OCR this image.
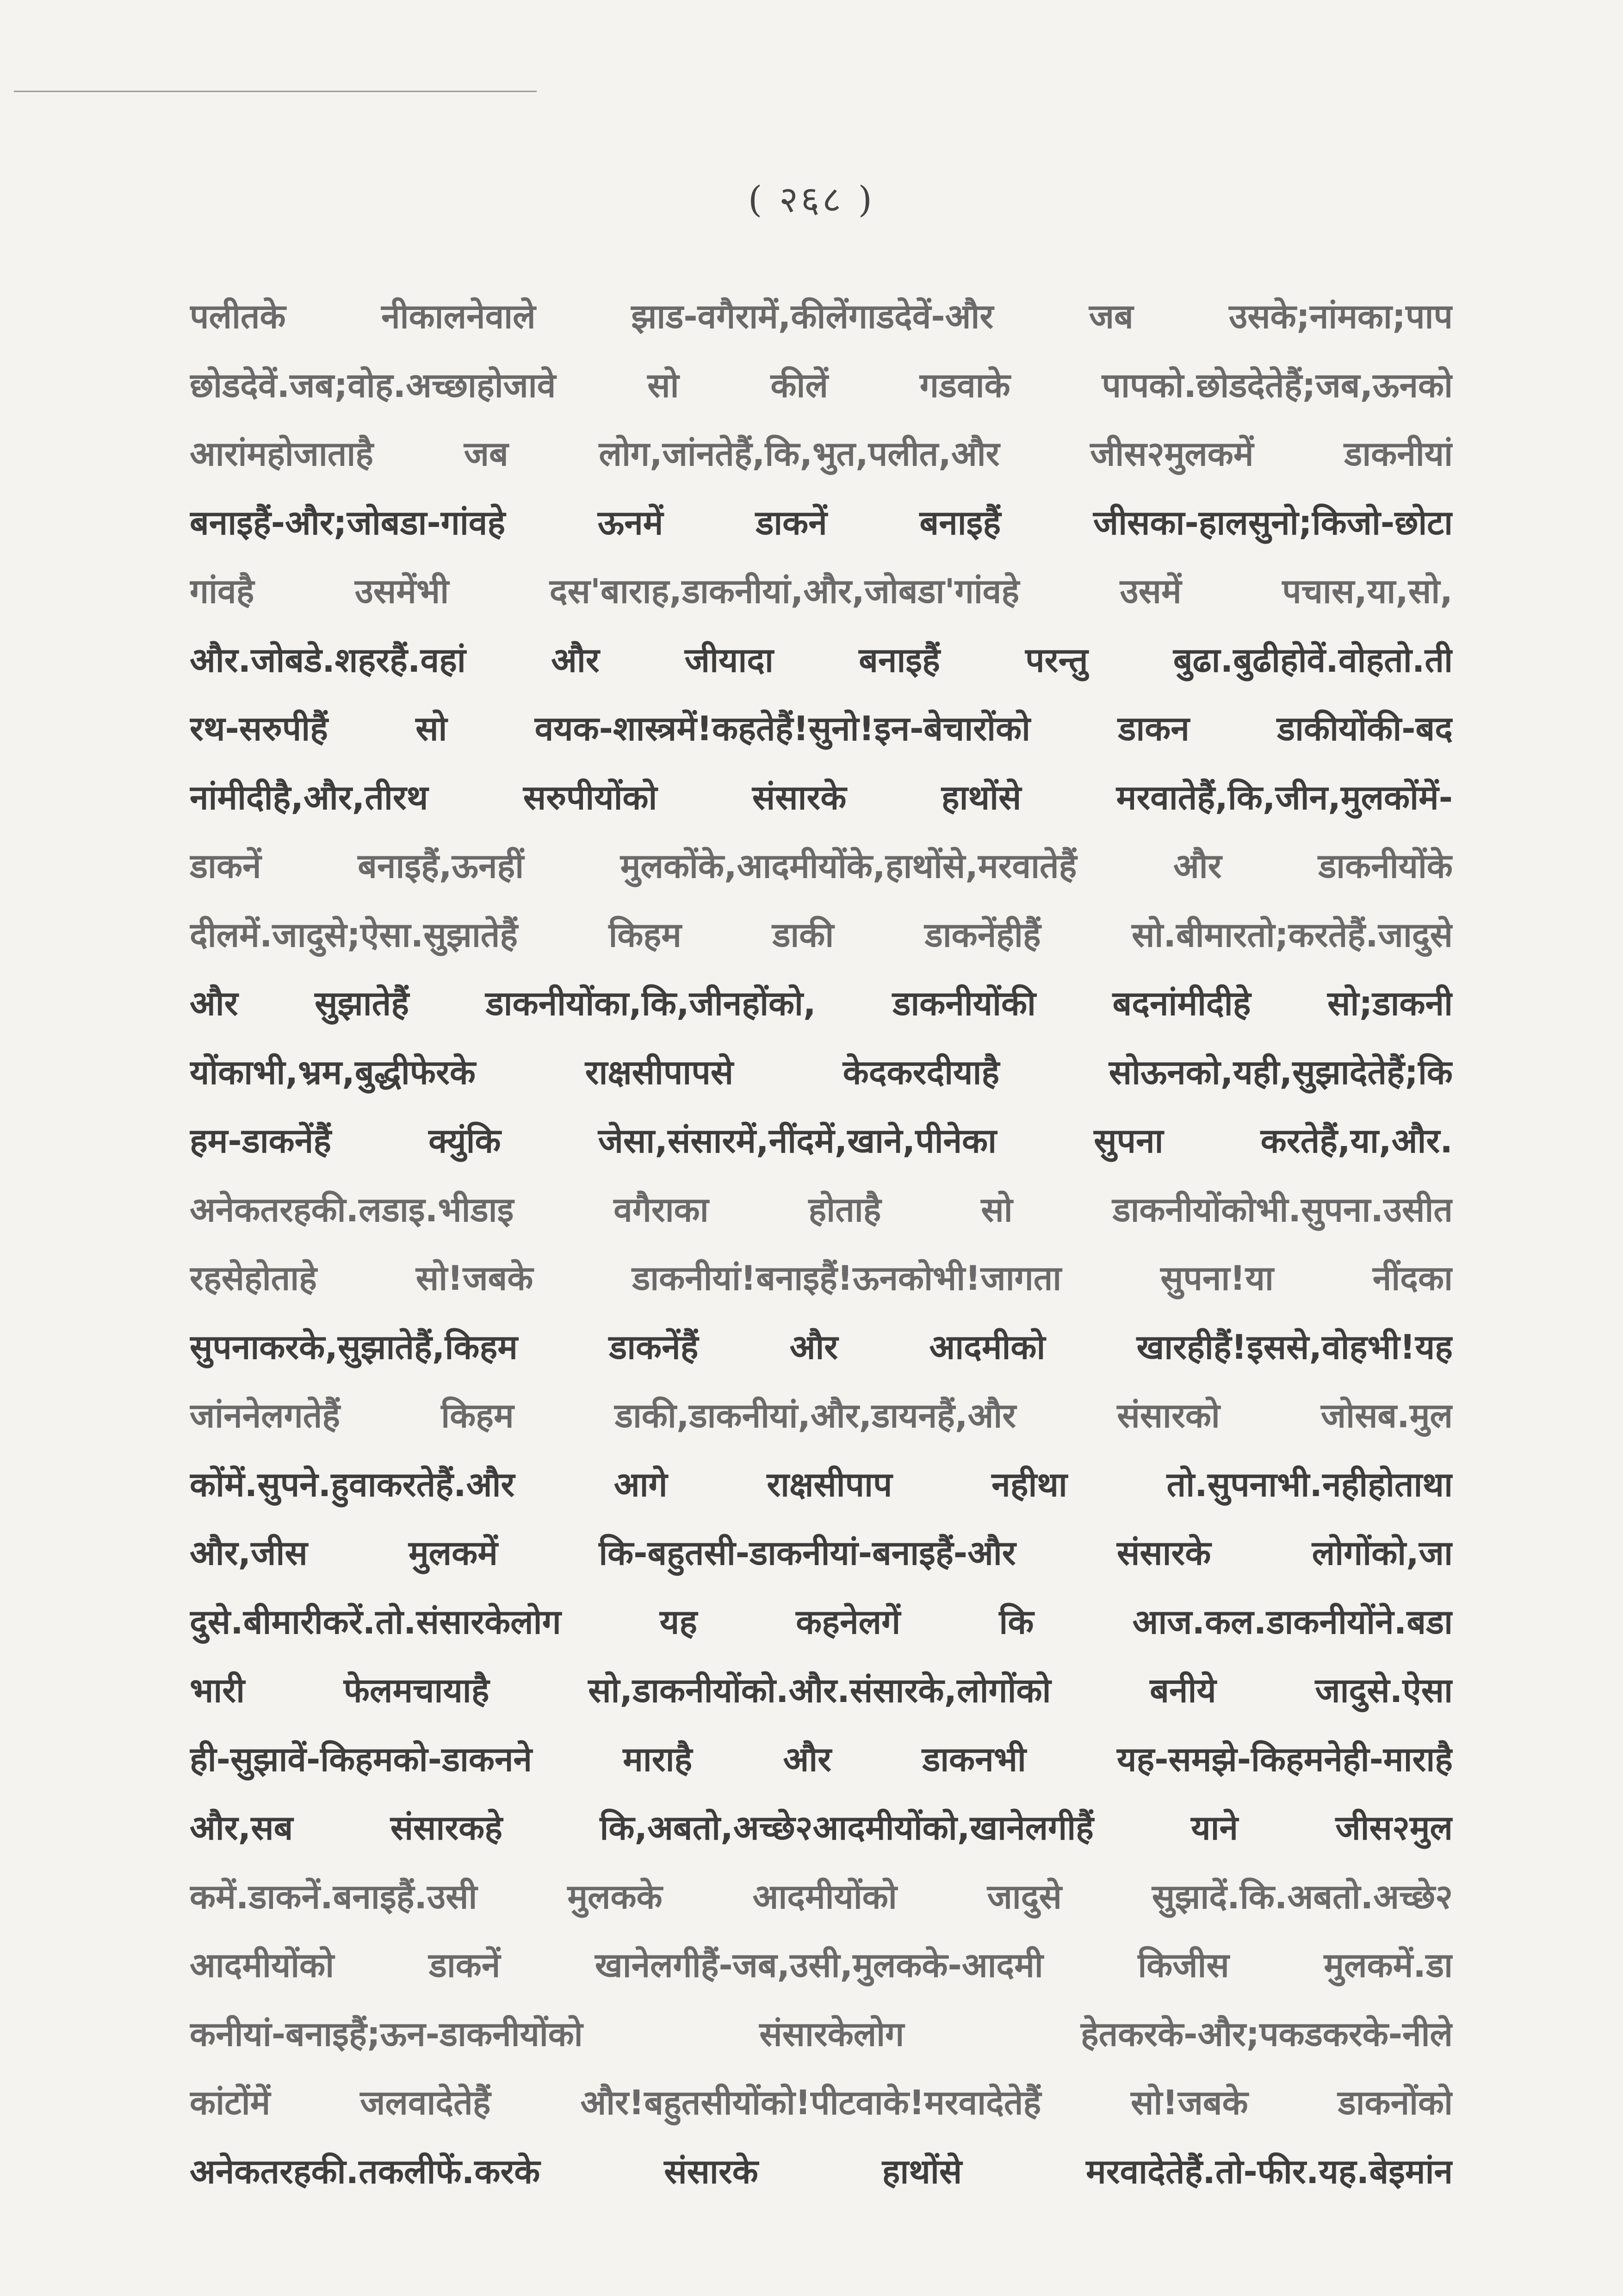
( २६८ )
पलीतके नीकालनेवाले झाड-वगैरामें,कीलेंगाडदेवें-और जब उसके;नांमका;पाप
छोडदेवें.जब;वोह.अच्छाहोजावे सो कीलें गडवाके पापको.छोडदेतेहैं;जब,ऊनको
आरांमहोजाताहै जब लोग,जांनतेहैं,कि,भुत,पलीत,और जीस२मुलकमें डाकनीयां
बनाइहैं-और;जोबडा-गांवहे ऊनमें डाकनें बनाइहैं जीसका-हालसुनो;किजो-छोटा
गांवहै उसमेंभी दस'बाराह,डाकनीयां,और,जोबडा'गांवहे उसमें पचास,या,सो,
और.जोबडे.शहरहैं.वहां और जीयादा बनाइहैं परन्तु बुढा.बुढीहोवें.वोहतो.ती
रथ-सरुपीहैं सो वयक-शास्त्रमें!कहतेहैं!सुनो!इन-बेचारोंको डाकन डाकीयोंकी-बद
नांमीदीहै,और,तीरथ सरुपीयोंको संसारके हाथोंसे मरवातेहैं,कि,जीन,मुलकोंमें-
डाकनें बनाइहैं,ऊनहीं मुलकोंके,आदमीयोंके,हाथोंसे,मरवातेहैं और डाकनीयोंके
दीलमें.जादुसे;ऐसा.सुझातेहैं किहम डाकी डाकनेंहीहैं सो.बीमारतो;करतेहैं.जादुसे
और सुझातेहैं डाकनीयोंका,कि,जीनहोंको, डाकनीयोंकी बदनांमीदीहे सो;डाकनी
योंकाभी,भ्रम,बुद्धीफेरके राक्षसीपापसे केदकरदीयाहै सोऊनको,यही,सुझादेतेहैं;कि
हम-डाकनेंहैं क्युंकि जेसा,संसारमें,नींदमें,खाने,पीनेका सुपना करतेहैं,या,और.
अनेकतरहकी.लडाइ.भीडाइ वगैराका होताहै सो डाकनीयोंकोभी.सुपना.उसीत
रहसेहोताहे सो!जबके डाकनीयां!बनाइहैं!ऊनकोभी!जागता सुपना!या नींदका
सुपनाकरके,सुझातेहैं,किहम डाकनेंहैं और आदमीको खारहीहैं!इससे,वोहभी!यह
जांननेलगतेहैं किहम डाकी,डाकनीयां,और,डायनहैं,और संसारको जोसब.मुल
कोंमें.सुपने.हुवाकरतेहैं.और आगे राक्षसीपाप नहीथा तो.सुपनाभी.नहीहोताथा
और,जीस मुलकमें कि-बहुतसी-डाकनीयां-बनाइहैं-और संसारके लोगोंको,जा
दुसे.बीमारीकरें.तो.संसारकेलोग यह कहनेलगें कि आज.कल.डाकनीयोंने.बडा
भारी फेलमचायाहै सो,डाकनीयोंको.और.संसारके,लोगोंको बनीये जादुसे.ऐसा
ही-सुझावें-किहमको-डाकनने माराहै और डाकनभी यह-समझे-किहमनेही-माराहै
और,सब संसारकहे कि,अबतो,अच्छे२आदमीयोंको,खानेलगीहैं याने जीस२मुल
कमें.डाकनें.बनाइहैं.उसी मुलकके आदमीयोंको जादुसे सुझादें.कि.अबतो.अच्छे२
आदमीयोंको डाकनें खानेलगीहैं-जब,उसी,मुलकके-आदमी किजीस मुलकमें.डा
कनीयां-बनाइहैं;ऊन-डाकनीयोंको संसारकेलोग हेतकरके-और;पकडकरके-नीले
कांटोंमें जलवादेतेहैं और!बहुतसीयोंको!पीटवाके!मरवादेतेहैं सो!जबके डाकनोंको
अनेकतरहकी.तकलीफें.करके संसारके हाथोंसे मरवादेतेहैं.तो-फीर.यह.बेइमांन
